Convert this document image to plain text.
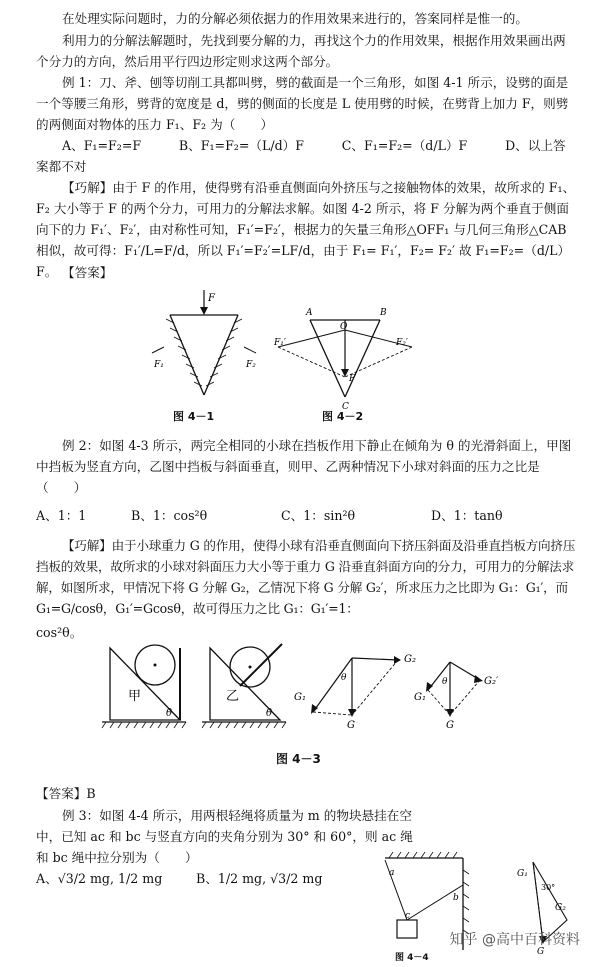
在处理实际问题时，力的分解必须依据力的作用效果来进行的，答案同样是惟一的。

利用力的分解法解题时，先找到要分解的力，再找这个力的作用效果，根据作用效果画出两个分力的方向，然后用平行四边形定则求这两个部分。

例 1：刀、斧、刨等切削工具都叫劈，劈的截面是一个三角形，如图 4-1 所示，设劈的面是一个等腰三角形，劈背的宽度是 d，劈的侧面的长度是 L 使用劈的时候，在劈背上加力 F，则劈的两侧面对物体的压力 F₁、F₂ 为（　　）

A、F₁=F₂=F　　　B、F₁=F₂=（L/d）F　　　C、F₁=F₂=（d/L）F　　　D、以上答案都不对

【巧解】由于 F 的作用，使得劈有沿垂直侧面向外挤压与之接触物体的效果，故所求的 F₁、F₂ 大小等于 F 的两个分力，可用力的分解法求解。如图 4-2 所示，将 F 分解为两个垂直于侧面向下的力 F₁′、F₂′，由对称性可知，F₁′=F₂′，根据力的矢量三角形△OFF₁ 与几何三角形△CAB 相似，故可得：F₁′/L=F/d，所以 F₁′=F₂′=LF/d，由于 F₁= F₁′，F₂= F₂′ 故 F₁=F₂=（d/L）F。 【答案】

F
F₁	F₂
A	B
O
C
F
F₁′	F₂′
图 4－1	图 4－2

例 2：如图 4-3 所示，两完全相同的小球在挡板作用下静止在倾角为 θ 的光滑斜面上，甲图中挡板为竖直方向，乙图中挡板与斜面垂直，则甲、乙两种情况下小球对斜面的压力之比是（　　）

A、1：1	B、1：cos²θ	C、1：sin²θ	D、1：tanθ

【巧解】由于小球重力 G 的作用，使得小球有沿垂直侧面向下挤压斜面及沿垂直挡板方向挤压挡板的效果，故所求的小球对斜面压力大小等于重力 G 沿垂直斜面方向的分力，可用力的分解法求解，如图所求，甲情况下将 G 分解 G₂，乙情况下将 G 分解 G₂′，所求压力之比即为 G₁：G₁′，而 G₁=G/cosθ，G₁′=Gcosθ，故可得压力之比 G₁：G₁′=1：

cos²θ。

甲
θ
乙
θ
G₂
G₁
G
θ	G₂′
G₁
G
θ
图 4－3

【答案】B

例 3：如图 4-4 所示，用两根轻绳将质量为 m 的物块悬挂在空中，已知 ac 和 bc 与竖直方向的夹角分别为 30° 和 60°，则 ac 绳和 bc 绳中拉分别为（　　）

A、√3/2 mg, 1/2 mg	B、1/2 mg, √3/2 mg	a
b
c
G₁
G₂
G
30°
图 4－4
知乎 @高中百科资料
